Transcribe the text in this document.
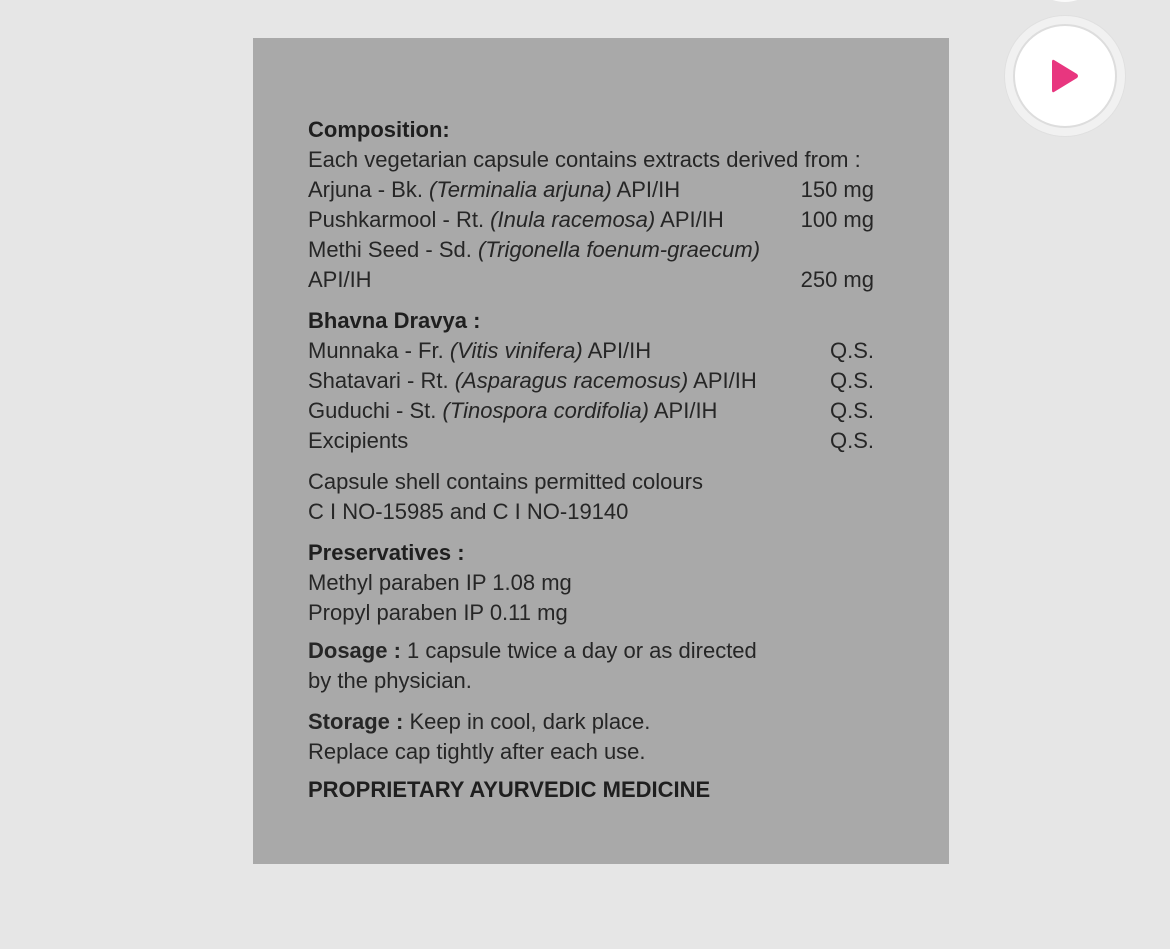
Composition:
Each vegetarian capsule contains extracts derived from :
Arjuna - Bk. (Terminalia arjuna) API/IH	150 mg
Pushkarmool - Rt. (Inula racemosa) API/IH	100 mg
Methi Seed - Sd. (Trigonella foenum-graecum)
API/IH	250 mg
Bhavna Dravya :
Munnaka - Fr. (Vitis vinifera) API/IH	Q.S.
Shatavari - Rt. (Asparagus racemosus) API/IH	Q.S.
Guduchi - St. (Tinospora cordifolia) API/IH	Q.S.
Excipients	Q.S.
Capsule shell contains permitted colours
C I NO-15985 and C I NO-19140
Preservatives :
Methyl paraben IP 1.08 mg
Propyl paraben IP 0.11 mg
Dosage : 1 capsule twice a day or as directed
by the physician.
Storage : Keep in cool, dark place.
Replace cap tightly after each use.
PROPRIETARY AYURVEDIC MEDICINE
